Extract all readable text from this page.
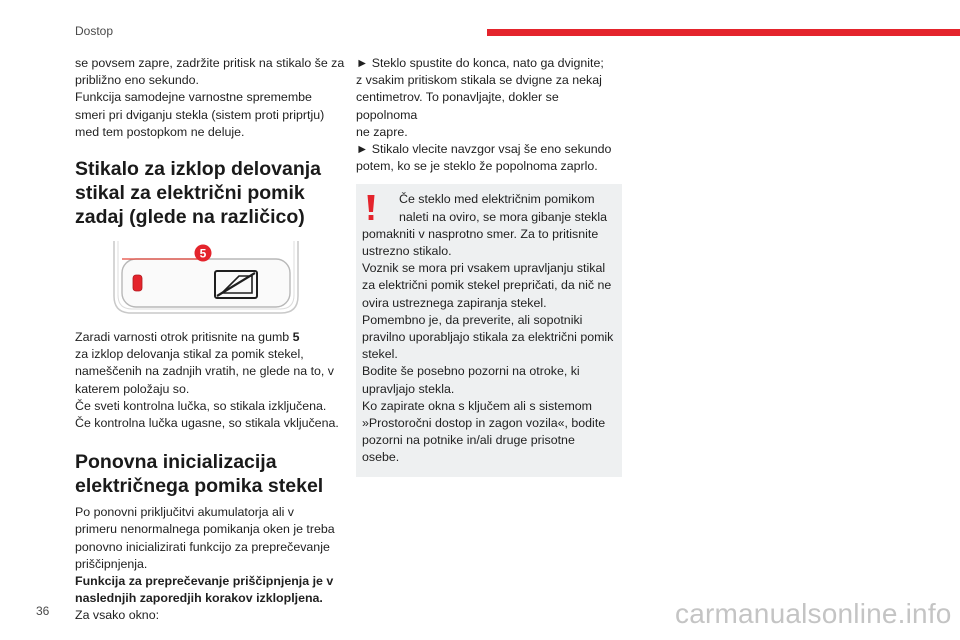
Dostop

se povsem zapre, zadržite pritisk na stikalo še za
približno eno sekundo.
Funkcija samodejne varnostne spremembe
smeri pri dviganju stekla (sistem proti priprtju)
med tem postopkom ne deluje.

Stikalo za izklop delovanja
stikal za električni pomik
zadaj (glede na različico)
5

Zaradi varnosti otrok pritisnite na gumb 5
za izklop delovanja stikal za pomik stekel,
nameščenih na zadnjih vratih, ne glede na to, v
katerem položaju so.
Če sveti kontrolna lučka, so stikala izključena.
Če kontrolna lučka ugasne, so stikala vključena.

Ponovna inicializacija
električnega pomika stekel

Po ponovni priključitvi akumulatorja ali v
primeru nenormalnega pomikanja oken je treba
ponovno inicializirati funkcijo za preprečevanje
priščipnjenja.
Funkcija za preprečevanje priščipnjenja je v
naslednjih zaporedjih korakov izklopljena.
Za vsako okno:

► Steklo spustite do konca, nato ga dvignite;
z vsakim pritiskom stikala se dvigne za nekaj
centimetrov. To ponavljajte, dokler se popolnoma
ne zapre.
► Stikalo vlecite navzgor vsaj še eno sekundo
potem, ko se je steklo že popolnoma zaprlo.

Če steklo med električnim pomikom
naleti na oviro, se mora gibanje stekla
pomakniti v nasprotno smer. Za to pritisnite
ustrezno stikalo.
Voznik se mora pri vsakem upravljanju stikal
za električni pomik stekel prepričati, da nič ne
ovira ustreznega zapiranja stekel.
Pomembno je, da preverite, ali sopotniki
pravilno uporabljajo stikala za električni pomik
stekel.
Bodite še posebno pozorni na otroke, ki
upravljajo stekla.
Ko zapirate okna s ključem ali s sistemom
»Prostoročni dostop in zagon vozila«, bodite
pozorni na potnike in/ali druge prisotne
osebe.

36	carmanualsonline.info
